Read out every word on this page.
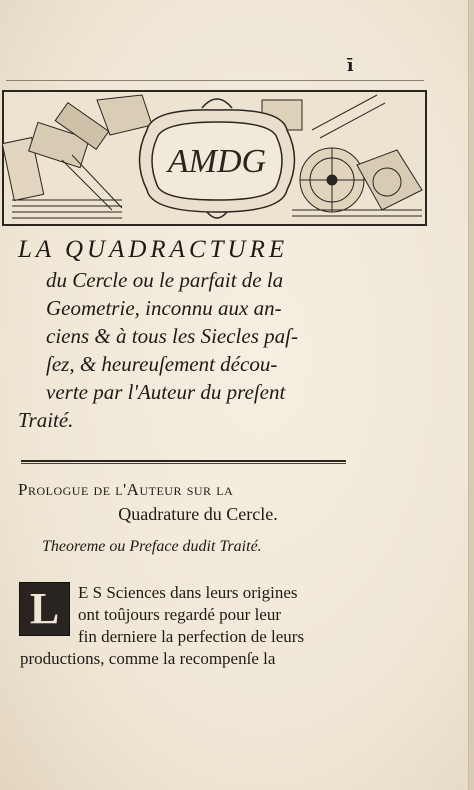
ī
AMDG

LA QUADRACTURE

du Cercle ou le parfait de la

Geometrie, inconnu aux an-

ciens & à tous les Siecles paſ-

ſez, & heureuſement décou-

verte par l'Auteur du preſent

Traité.

Prologue de l'Auteur sur la

Quadrature du Cercle.

Theoreme ou Preface dudit Traité.
L	E S Sciences dans leurs origines

ont toûjours regardé pour leur

fin derniere la perfection de leurs

productions, comme la recompenſe la
